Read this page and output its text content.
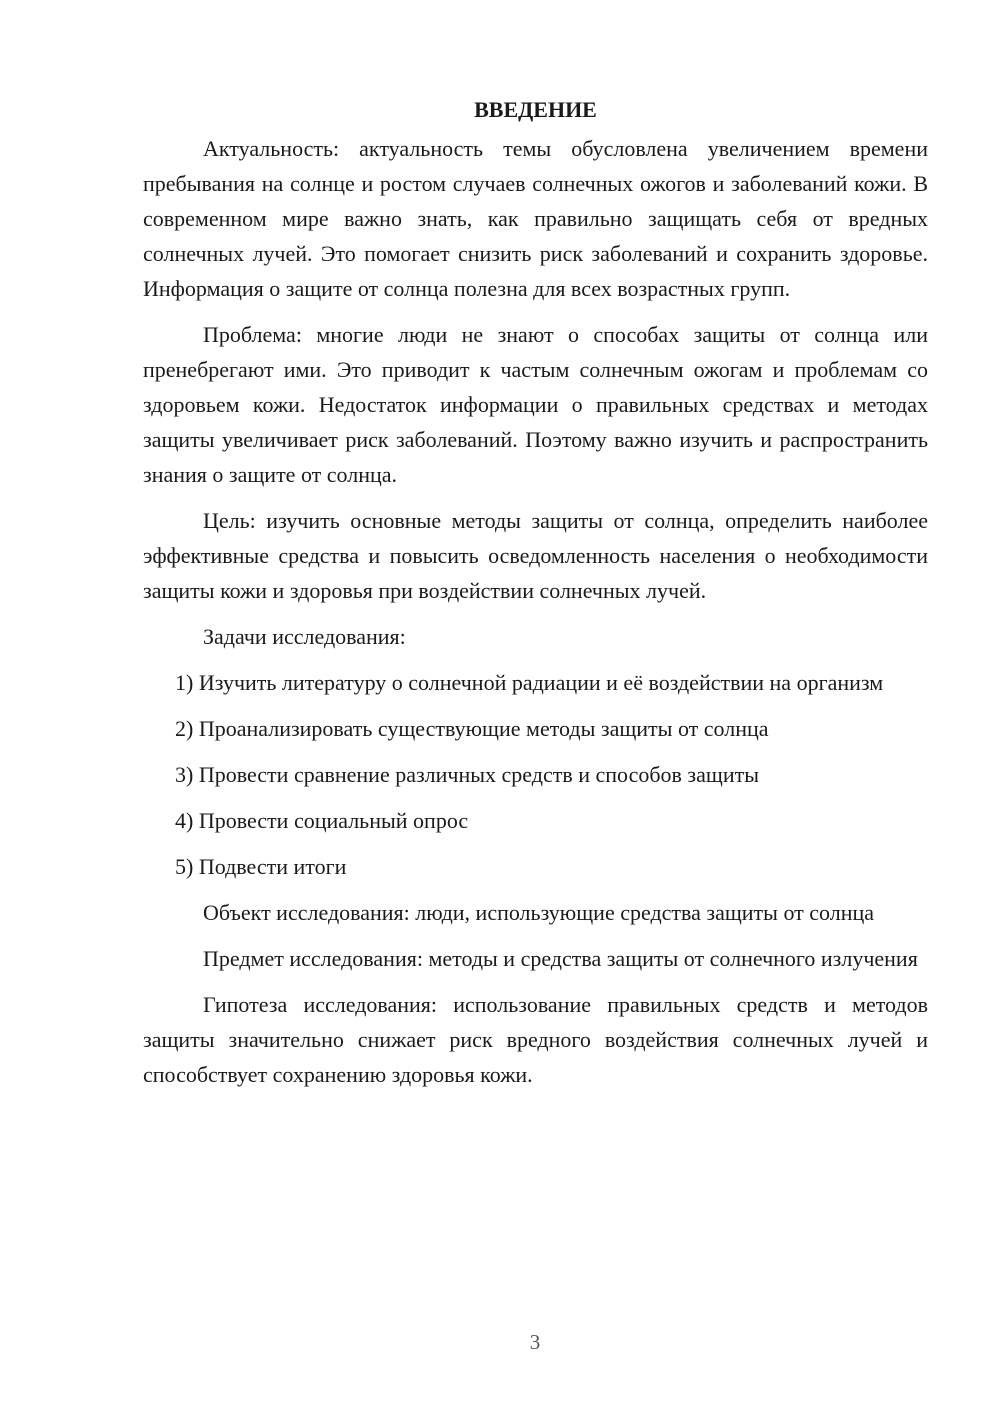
ВВЕДЕНИЕ

Актуальность: актуальность темы обусловлена увеличением времени пребывания на солнце и ростом случаев солнечных ожогов и заболеваний кожи. В современном мире важно знать, как правильно защищать себя от вредных солнечных лучей. Это помогает снизить риск заболеваний и сохранить здоровье. Информация о защите от солнца полезна для всех возрастных групп.

Проблема: многие люди не знают о способах защиты от солнца или пренебрегают ими. Это приводит к частым солнечным ожогам и проблемам со здоровьем кожи. Недостаток информации о правильных средствах и методах защиты увеличивает риск заболеваний. Поэтому важно изучить и распространить знания о защите от солнца.

Цель: изучить основные методы защиты от солнца, определить наиболее эффективные средства и повысить осведомленность населения о необходимости защиты кожи и здоровья при воздействии солнечных лучей.

Задачи исследования:

1) Изучить литературу о солнечной радиации и её воздействии на организм

2) Проанализировать существующие методы защиты от солнца

3) Провести сравнение различных средств и способов защиты

4) Провести социальный опрос

5) Подвести итоги

Объект исследования: люди, использующие средства защиты от солнца

Предмет исследования: методы и средства защиты от солнечного излучения

Гипотеза исследования: использование правильных средств и методов защиты значительно снижает риск вредного воздействия солнечных лучей и способствует сохранению здоровья кожи.

3
